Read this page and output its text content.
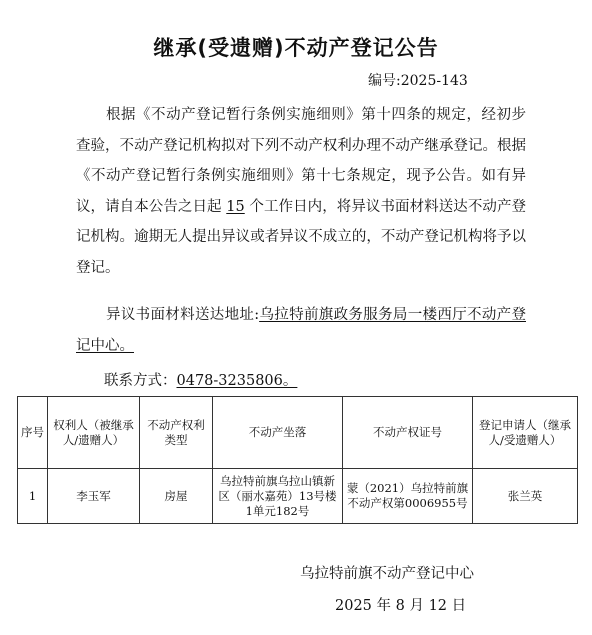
继承(受遗赠)不动产登记公告
编号:2025-143
根据《不动产登记暂行条例实施细则》第十四条的规定，经初步查验，不动产登记机构拟对下列不动产权利办理不动产继承登记。根据《不动产登记暂行条例实施细则》第十七条规定，现予公告。如有异议，请自本公告之日起 15 个工作日内，将异议书面材料送达不动产登记机构。逾期无人提出异议或者异议不成立的，不动产登记机构将予以登记。
异议书面材料送达地址:乌拉特前旗政务服务局一楼西厅不动产登记中心。
联系方式：0478-3235806。
序号	权利人（被继承人/遗赠人）	不动产权利类型	不动产坐落	不动产权证号	登记申请人（继承人/受遗赠人）
1	李玉军	房屋	乌拉特前旗乌拉山镇新区（丽水嘉苑）13号楼1单元182号	蒙（2021）乌拉特前旗不动产权第0006955号	张兰英
乌拉特前旗不动产登记中心
2025 年 8 月 12 日
